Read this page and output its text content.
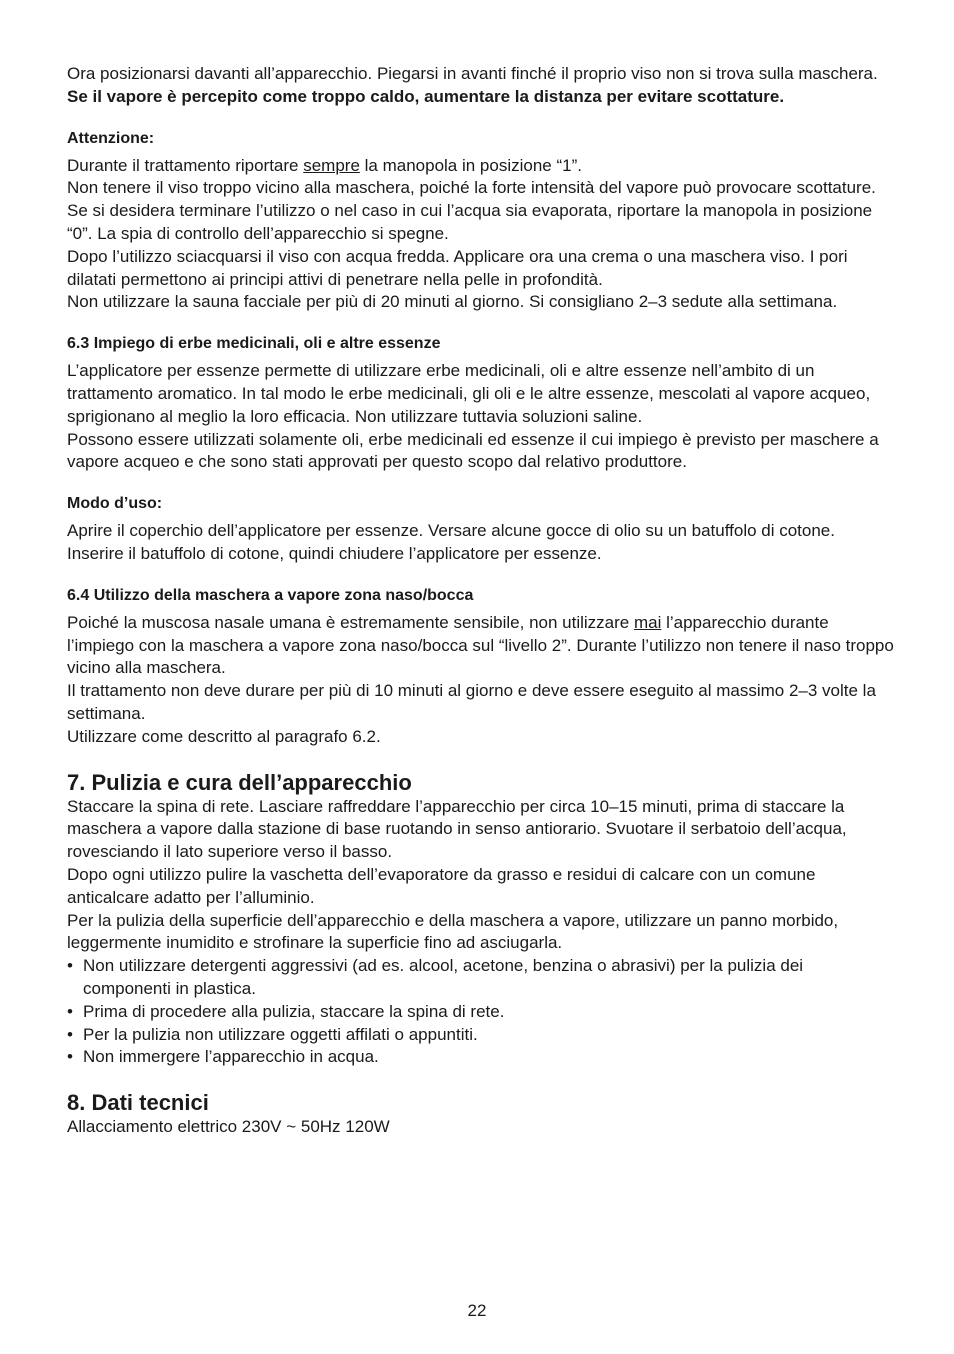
Ora posizionarsi davanti all’apparecchio. Piegarsi in avanti finché il proprio viso non si trova sulla maschera.

Se il vapore è percepito come troppo caldo, aumentare la distanza per evitare scottature.

Attenzione:

Durante il trattamento riportare sempre la manopola in posizione “1”.

Non tenere il viso troppo vicino alla maschera, poiché la forte intensità del vapore può provocare scottature.

Se si desidera terminare l’utilizzo o nel caso in cui l’acqua sia evaporata, riportare la manopola in posizione “0”. La spia di controllo dell’apparecchio si spegne.

Dopo l’utilizzo sciacquarsi il viso con acqua fredda. Applicare ora una crema o una maschera viso. I pori dilatati permettono ai principi attivi di penetrare nella pelle in profondità.

Non utilizzare la sauna facciale per più di 20 minuti al giorno. Si consigliano 2–3 sedute alla settimana.

6.3 Impiego di erbe medicinali, oli e altre essenze

L’applicatore per essenze permette di utilizzare erbe medicinali, oli e altre essenze nell’ambito di un trattamento aromatico. In tal modo le erbe medicinali, gli oli e le altre essenze, mescolati al vapore acqueo, sprigionano al meglio la loro efficacia. Non utilizzare tuttavia soluzioni saline.

Possono essere utilizzati solamente oli, erbe medicinali ed essenze il cui impiego è previsto per maschere a vapore acqueo e che sono stati approvati per questo scopo dal relativo produttore.

Modo d’uso:

Aprire il coperchio dell’applicatore per essenze. Versare alcune gocce di olio su un batuffolo di cotone. Inserire il batuffolo di cotone, quindi chiudere l’applicatore per essenze.

6.4 Utilizzo della maschera a vapore zona naso/bocca

Poiché la muscosa nasale umana è estremamente sensibile, non utilizzare mai l’apparecchio durante l’impiego con la maschera a vapore zona naso/bocca sul “livello 2”. Durante l’utilizzo non tenere il naso troppo vicino alla maschera.

Il trattamento non deve durare per più di 10 minuti al giorno e deve essere eseguito al massimo 2–3 volte la settimana.

Utilizzare come descritto al paragrafo 6.2.

7. Pulizia e cura dell’apparecchio

Staccare la spina di rete. Lasciare raffreddare l’apparecchio per circa 10–15 minuti, prima di staccare la maschera a vapore dalla stazione di base ruotando in senso antiorario. Svuotare il serbatoio dell’acqua, rovesciando il lato superiore verso il basso.

Dopo ogni utilizzo pulire la vaschetta dell’evaporatore da grasso e residui di calcare con un comune anticalcare adatto per l’alluminio.

Per la pulizia della superficie dell’apparecchio e della maschera a vapore, utilizzare un panno morbido, leggermente inumidito e strofinare la superficie fino ad asciugarla.

• Non utilizzare detergenti aggressivi (ad es. alcool, acetone, benzina o abrasivi) per la pulizia dei componenti in plastica.
• Prima di procedere alla pulizia, staccare la spina di rete.
• Per la pulizia non utilizzare oggetti affilati o appuntiti.
• Non immergere l’apparecchio in acqua.
8. Dati tecnici

Allacciamento elettrico 230V ~ 50Hz 120W

22
